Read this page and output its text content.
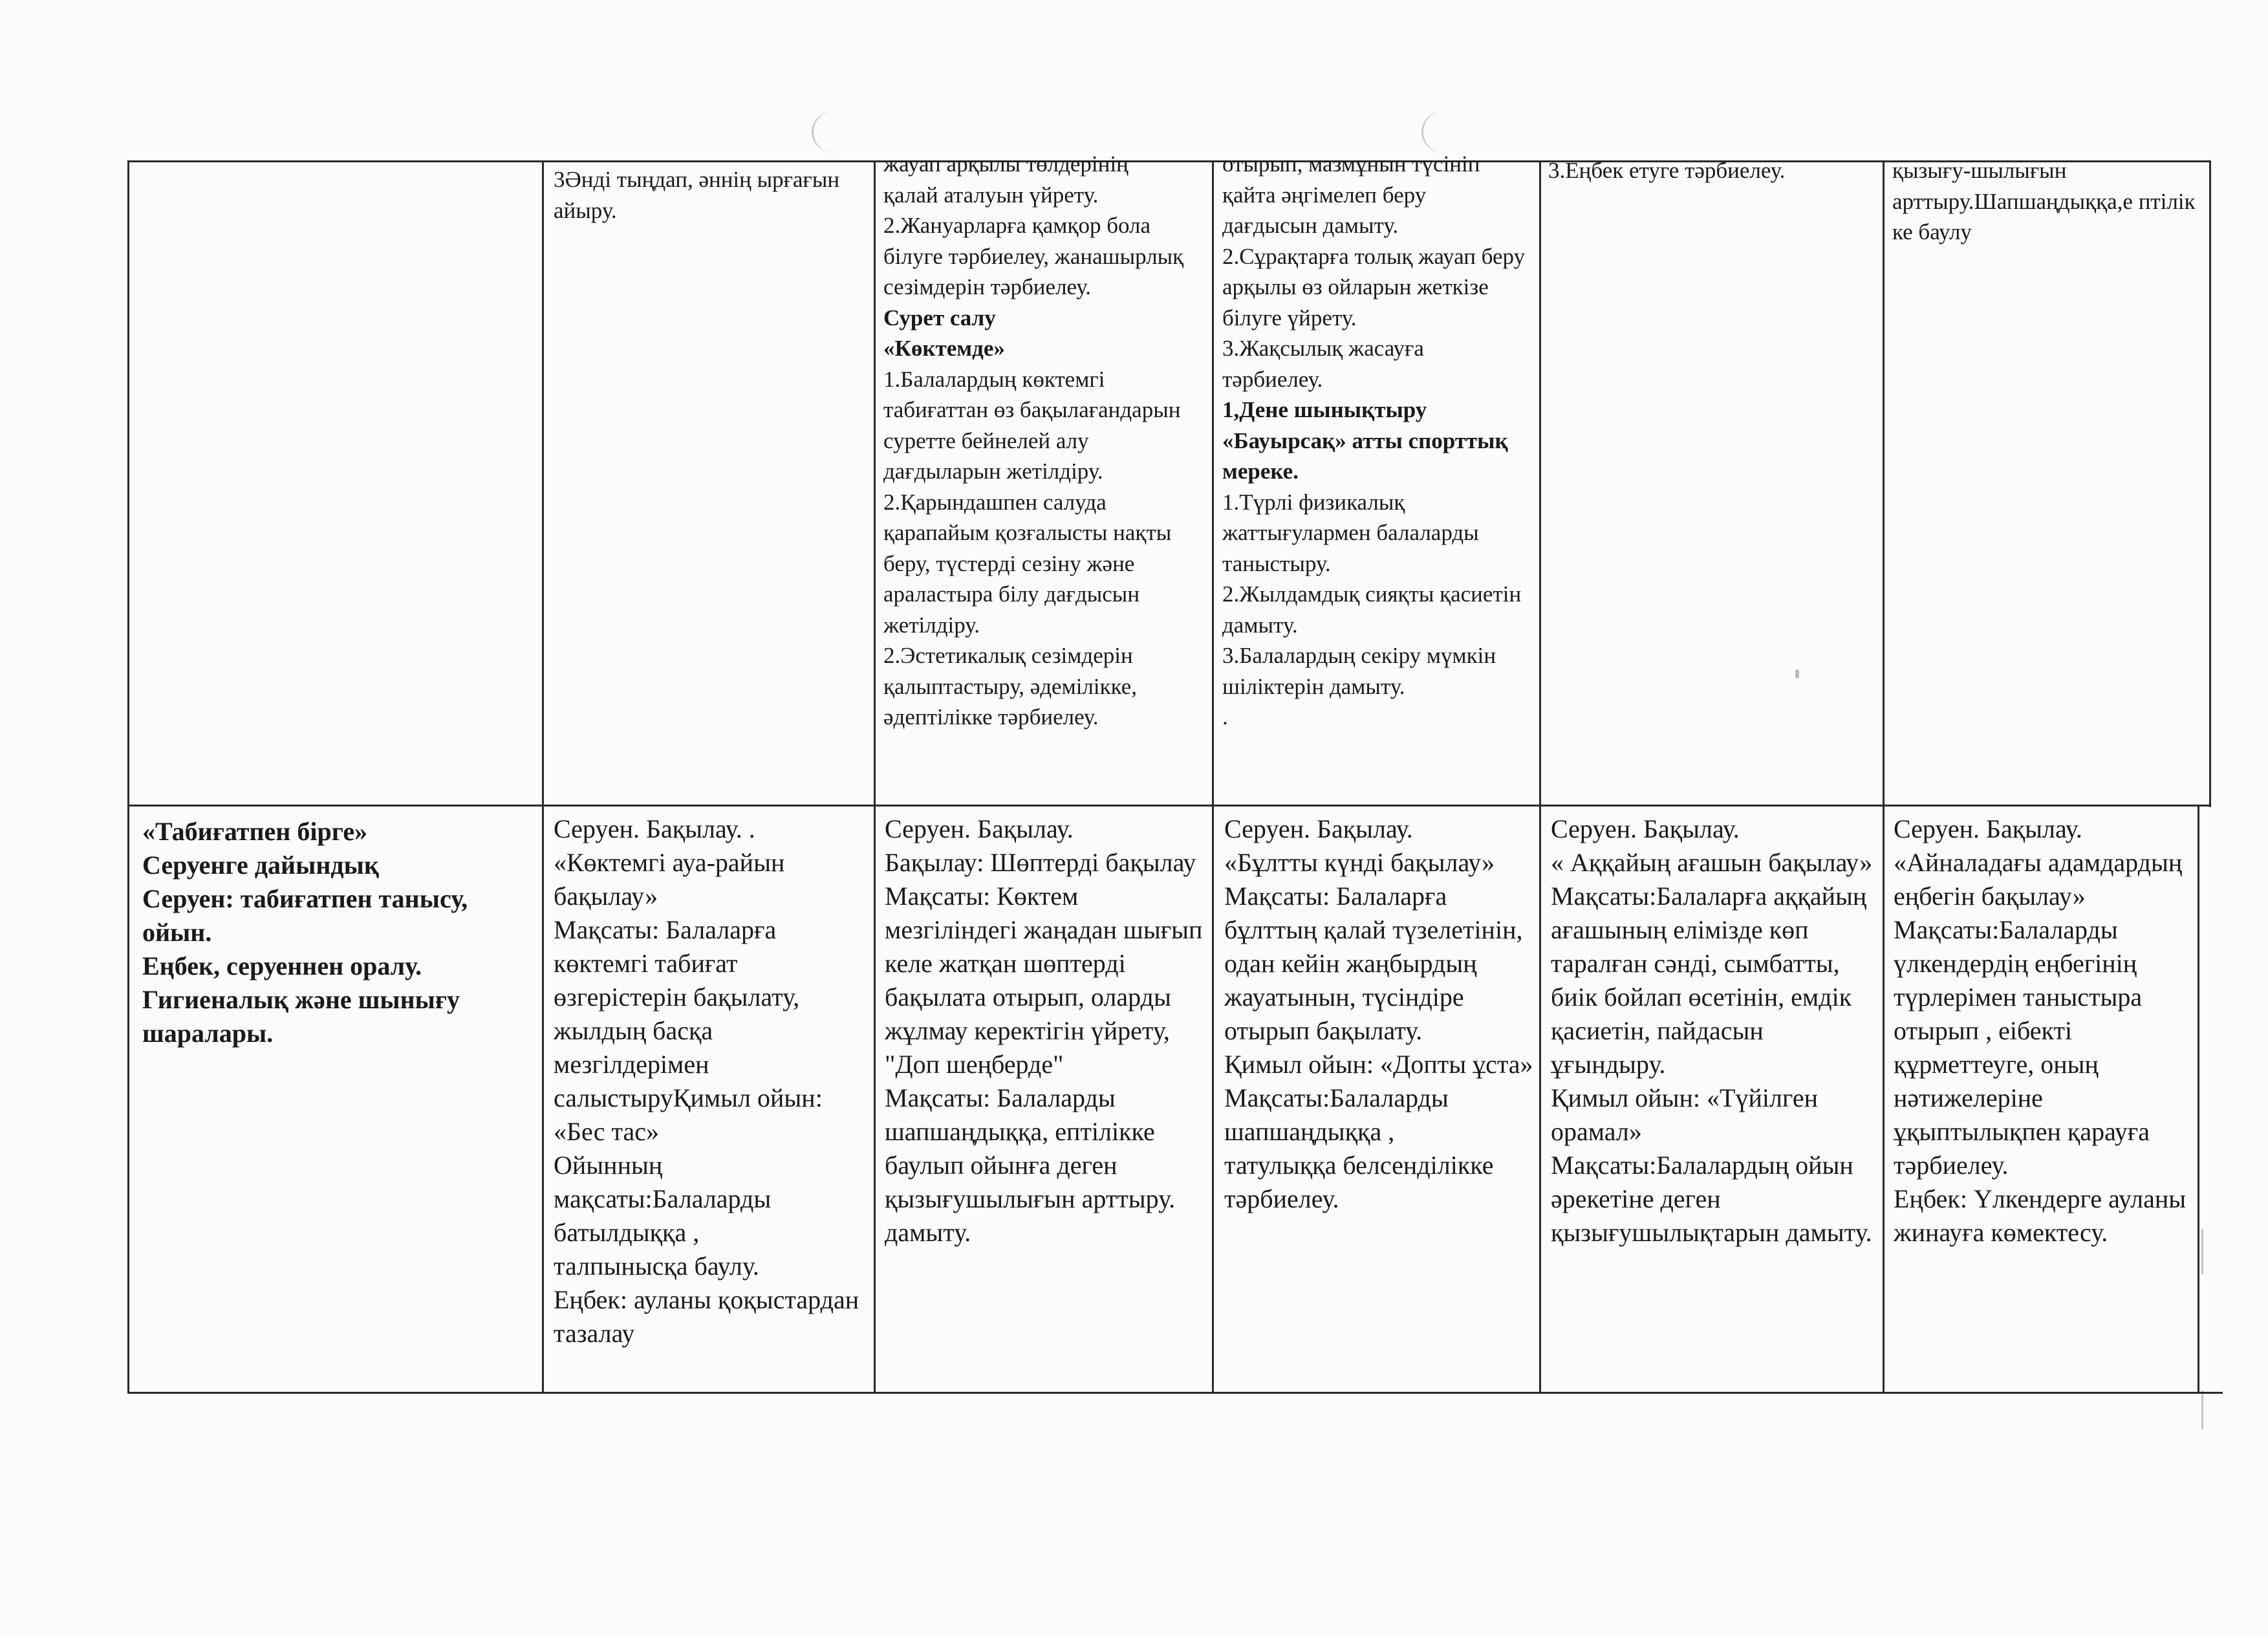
3Әнді тыңдап, әннің ырғағын айыру.

жауап арқылы төлдерінің қалай аталуын үйрету.

2.Жануарларға қамқор бола білуге тәрбиелеу, жанашырлық сезімдерін тәрбиелеу.

Сурет салу

«Көктемде»

1.Балалардың көктемгі табиғаттан өз бақылағандарын суретте бейнелей алу дағдыларын жетілдіру.

2.Қарындашпен салуда қарапайым қозғалысты нақты беру, түстерді сезіну және араластыра білу дағдысын жетілдіру.

2.Эстетикалық сезімдерін қалыптастыру, әдемілікке, әдептілікке тәрбиелеу.

отырып, мазмұнын түсініп қайта әңгімелеп беру дағдысын дамыту.

2.Сұрақтарға толық жауап беру арқылы өз ойларын жеткізе білуге үйрету.

3.Жақсылық жасауға тәрбиелеу.

1,Дене шынықтыру

«Бауырсақ» атты спорттық мереке.

1.Түрлі физикалық жаттығулармен балаларды таныстыру.

2.Жылдамдық сияқты қасиетін дамыту.

3.Балалардың секіру мүмкін шіліктерін дамыту.

.

3.Еңбек етуге тәрбиелеу.	қызығу-шылығын арттыру.Шапшаңдыққа,е птілік ке баулу

«Табиғатпен бірге»

Серуенге дайындық

Серуен: табиғатпен танысу, ойын.

Еңбек, серуеннен оралу.

Гигиеналық және шынығу шаралары.

Серуен. Бақылау. .
«Көктемгі ауа-райын бақылау»
Мақсаты: Балаларға көктемгі табиғат өзгерістерін бақылату, жылдың басқа мезгілдерімен салыстыруҚимыл ойын: «Бес тас»
Ойынның мақсаты:Балаларды батылдыққа ,
талпынысқа баулу.
Еңбек: ауланы қоқыстардан тазалау

Серуен. Бақылау.
Бақылау: Шөптерді бақылау
Мақсаты: Көктем мезгіліндегі жаңадан шығып келе жатқан шөптерді бақылата отырып, оларды жұлмау керектігін үйрету, "Доп шеңберде"
Мақсаты: Балаларды шапшаңдыққа, ептілікке баулып ойынға деген қызығушылығын арттыру.
дамыту.

Серуен. Бақылау.
«Бұлтты күнді бақылау»
Мақсаты: Балаларға бұлттың қалай түзелетінін, одан кейін жаңбырдың жауатынын, түсіндіре отырып бақылату.
Қимыл ойын: «Допты ұста»
Мақсаты:Балаларды шапшаңдыққа ,
татулыққа белсенділікке тәрбиелеу.

Серуен. Бақылау.
« Аққайың ағашын бақылау»
Мақсаты:Балаларға аққайың ағашының елімізде көп таралған сәнді, сымбатты, биік бойлап өсетінін, емдік қасиетін, пайдасын ұғындыру.
Қимыл ойын: «Түйілген орамал»
Мақсаты:Балалардың ойын әрекетіне деген қызығушылықтарын дамыту.

Серуен. Бақылау.
«Айналадағы адамдардың еңбегін бақылау»
Мақсаты:Балаларды үлкендердің еңбегінің түрлерімен таныстыра отырып , еібекті құрметтеуге, оның нәтижелеріне ұқыптылықпен қарауға тәрбиелеу.
Еңбек: Үлкендерге ауланы жинауға көмектесу.
